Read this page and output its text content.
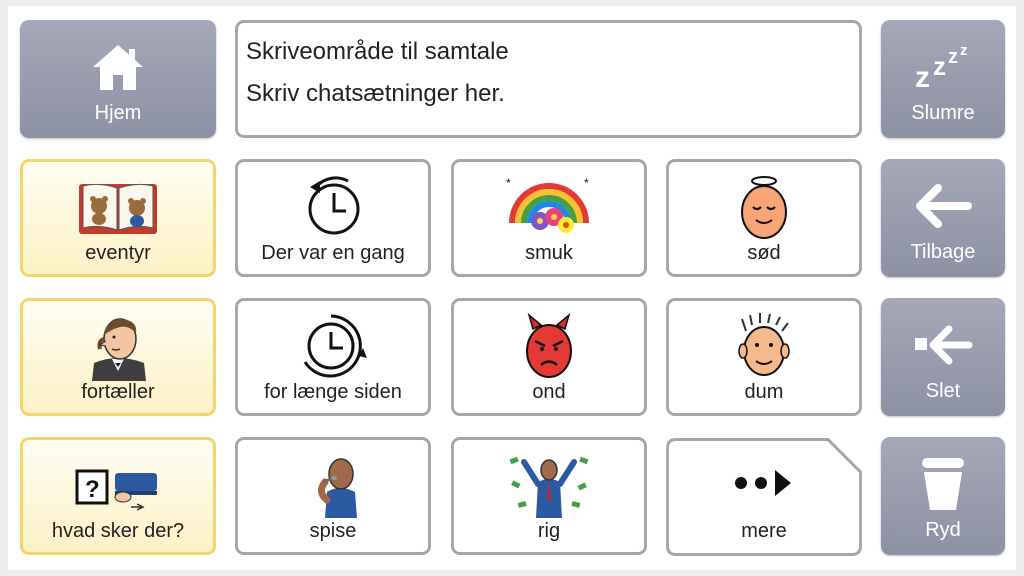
Hjem
Skriveområde til samtale
Skriv chatsætninger her.	z z z z
Slumre
eventyr	Der var en gang
*	*
smuk	sød	Tilbage
fortæller	for længe siden	ond	dum	Slet
?
hvad sker der?	spise	rig	mere	Ryd
